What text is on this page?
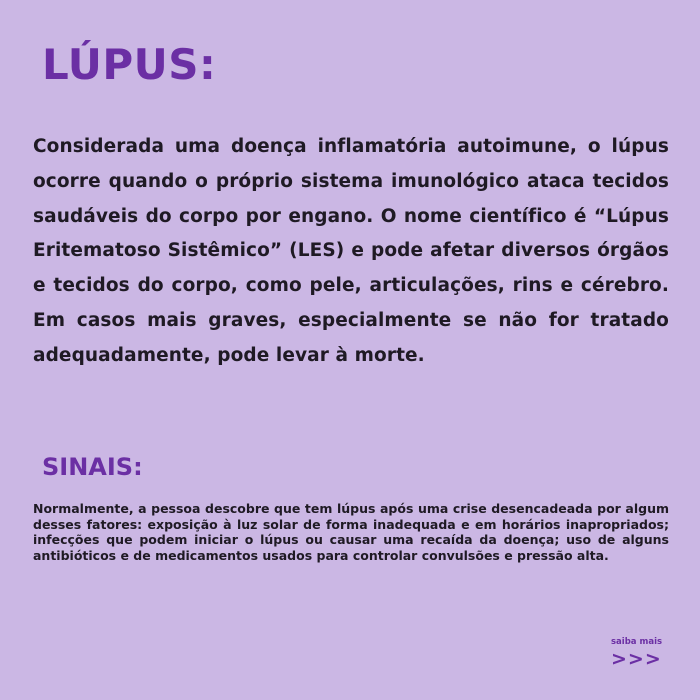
LÚPUS:

Considerada uma doença inflamatória autoimune, o lúpus ocorre quando o próprio sistema imunológico ataca tecidos saudáveis do corpo por engano. O nome científico é “Lúpus Eritematoso Sistêmico” (LES) e pode afetar diversos órgãos e tecidos do corpo, como pele, articulações, rins e cérebro. Em casos mais graves, especialmente se não for tratado adequadamente, pode levar à morte.

SINAIS:

Normalmente, a pessoa descobre que tem lúpus após uma crise desencadeada por algum desses fatores: exposição à luz solar de forma inadequada e em horários inapropriados; infecções que podem iniciar o lúpus ou causar uma recaída da doença; uso de alguns antibióticos e de medicamentos usados para controlar convulsões e pressão alta.

saiba mais
>>>
